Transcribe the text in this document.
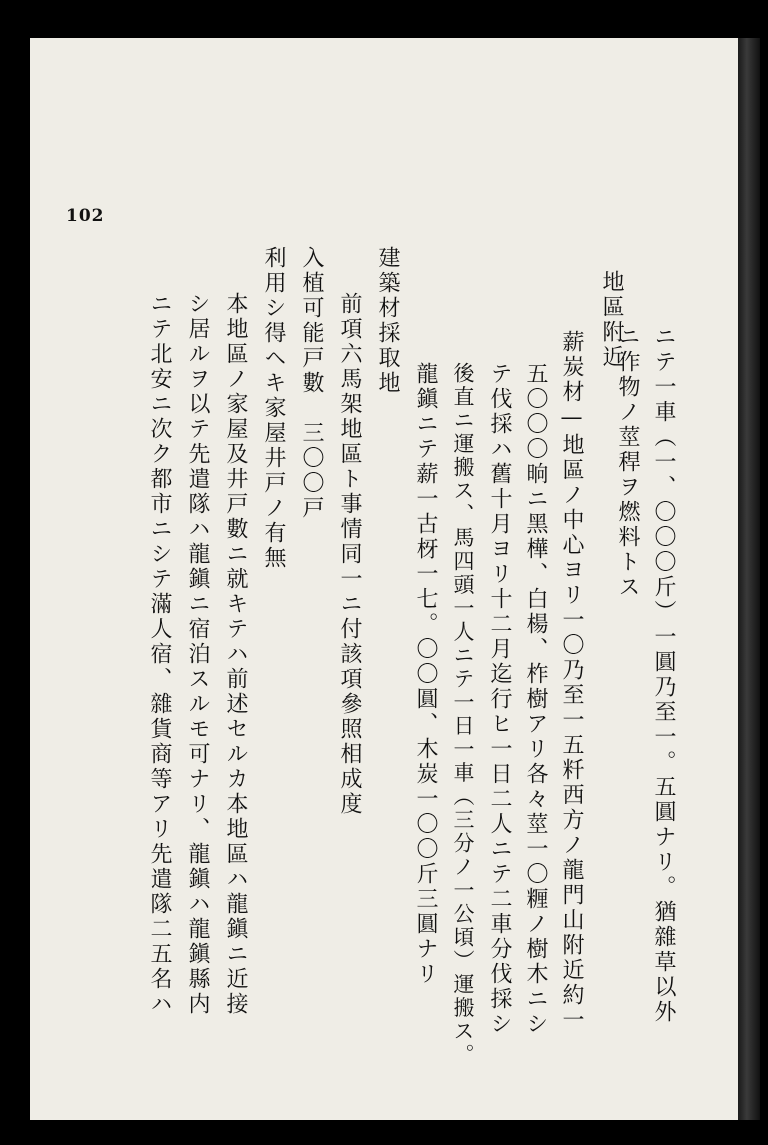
102
ニテ一車（一、〇〇〇斤）一圓乃至一。五圓ナリ。猶雜草以外
ニ作物ノ莖稈ヲ燃料トス
地區附近
薪炭材—地區ノ中心ヨリ一〇乃至一五粁西方ノ龍門山附近約一
五〇〇〇晌ニ黑樺、白楊、柞樹アリ各々莖一〇糎ノ樹木ニシ
テ伐採ハ舊十月ヨリ十二月迄行ヒ一日二人ニテ二車分伐採シ
後直ニ運搬ス、馬四頭一人ニテ一日一車（三分ノ一公頃）運搬ス。
龍鎭ニテ薪一古枒一七。〇〇圓、木炭一〇〇斤三圓ナリ
建築材採取地
前項六馬架地區ト事情同一ニ付該項參照相成度
入植可能戸數　三〇〇戸
利用シ得ヘキ家屋井戸ノ有無
本地區ノ家屋及井戸數ニ就キテハ前述セルカ本地區ハ龍鎭ニ近接
シ居ルヲ以テ先遣隊ハ龍鎭ニ宿泊スルモ可ナリ、龍鎭ハ龍鎭縣内
ニテ北安ニ次ク都市ニシテ滿人宿、雜貨商等アリ先遣隊二五名ハ
